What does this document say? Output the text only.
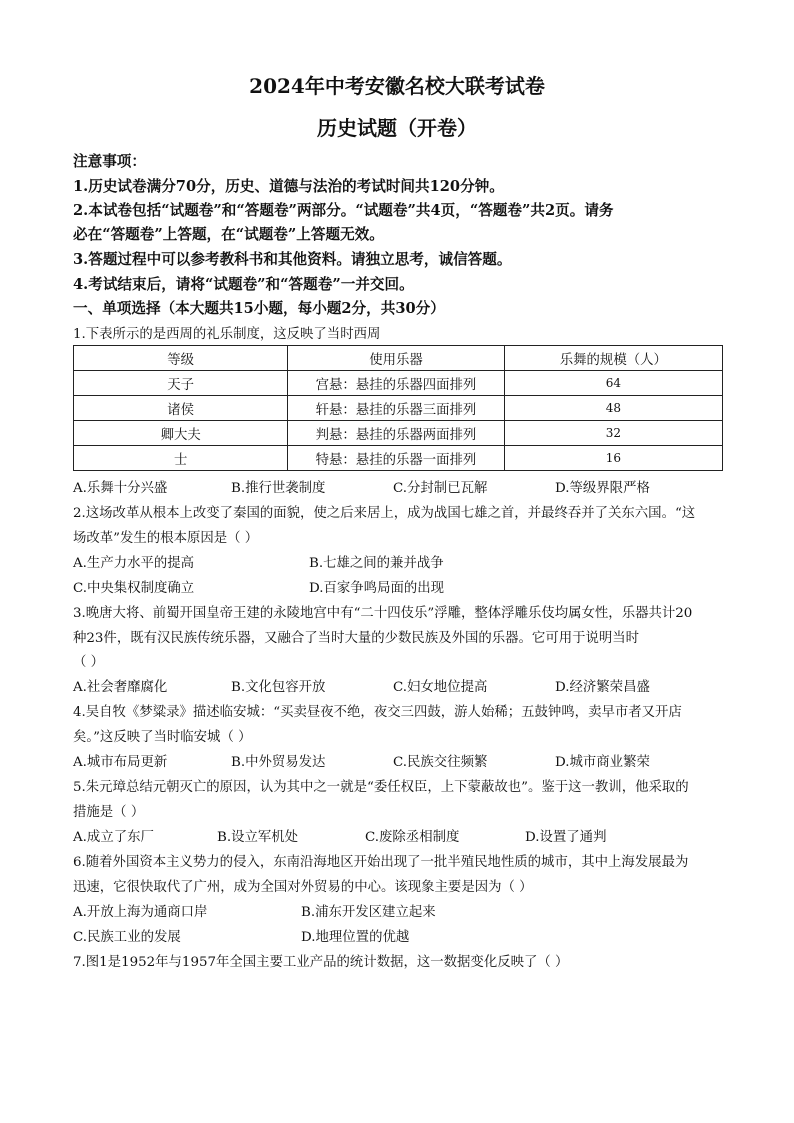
2024年中考安徽名校大联考试卷
历史试题（开卷）
注意事项：
1.历史试卷满分70分，历史、道德与法治的考试时间共120分钟。
2.本试卷包括“试题卷”和“答题卷”两部分。“试题卷”共4页，“答题卷”共2页。请务
必在“答题卷”上答题，在“试题卷”上答题无效。
3.答题过程中可以参考教科书和其他资料。请独立思考，诚信答题。
4.考试结束后，请将“试题卷”和“答题卷”一并交回。
一、单项选择（本大题共15小题，每小题2分，共30分）
1.下表所示的是西周的礼乐制度，这反映了当时西周
等级	使用乐器	乐舞的规模（人）
天子	宫悬：悬挂的乐器四面排列	64
诸侯	轩悬：悬挂的乐器三面排列	48
卿大夫	判悬：悬挂的乐器两面排列	32
士	特悬：悬挂的乐器一面排列	16
A.乐舞十分兴盛	B.推行世袭制度	C.分封制已瓦解	D.等级界限严格
2.这场改革从根本上改变了秦国的面貌，使之后来居上，成为战国七雄之首，并最终吞并了关东六国。“这
场改革”发生的根本原因是（ ）
A.生产力水平的提高	B.七雄之间的兼并战争
C.中央集权制度确立	D.百家争鸣局面的出现
3.晚唐大将、前蜀开国皇帝王建的永陵地宫中有“二十四伎乐”浮雕，整体浮雕乐伎均属女性，乐器共计20
种23件，既有汉民族传统乐器，又融合了当时大量的少数民族及外国的乐器。它可用于说明当时
（ ）
A.社会奢靡腐化	B.文化包容开放	C.妇女地位提高	D.经济繁荣昌盛
4.吴自牧《梦粱录》描述临安城：“买卖昼夜不绝，夜交三四鼓，游人始稀；五鼓钟鸣，卖早市者又开店
矣。”这反映了当时临安城（ ）
A.城市布局更新	B.中外贸易发达	C.民族交往频繁	D.城市商业繁荣
5.朱元璋总结元朝灭亡的原因，认为其中之一就是“委任权臣，上下蒙蔽故也”。鉴于这一教训，他采取的
措施是（ ）
A.成立了东厂	B.设立军机处	C.废除丞相制度	D.设置了通判
6.随着外国资本主义势力的侵入，东南沿海地区开始出现了一批半殖民地性质的城市，其中上海发展最为
迅速，它很快取代了广州，成为全国对外贸易的中心。该现象主要是因为（ ）
A.开放上海为通商口岸	B.浦东开发区建立起来
C.民族工业的发展	D.地理位置的优越
7.图1是1952年与1957年全国主要工业产品的统计数据，这一数据变化反映了（ ）
